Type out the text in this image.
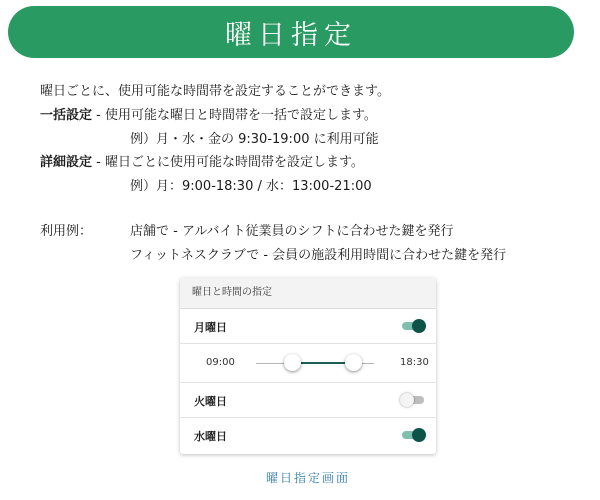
曜日指定
曜日ごとに、使用可能な時間帯を設定することができます。
一括設定 - 使用可能な曜日と時間帯を一括で設定します。
例）月・水・金の 9:30-19:00 に利用可能
詳細設定 - 曜日ごとに使用可能な時間帯を設定します。
例）月：9:00-18:30 / 水：13:00-21:00
利用例：	店舗で - アルバイト従業員のシフトに合わせた鍵を発行
フィットネスクラブで - 会員の施設利用時間に合わせた鍵を発行
曜日と時間の指定
月曜日
09:00	18:30
火曜日
水曜日
曜日指定画面
